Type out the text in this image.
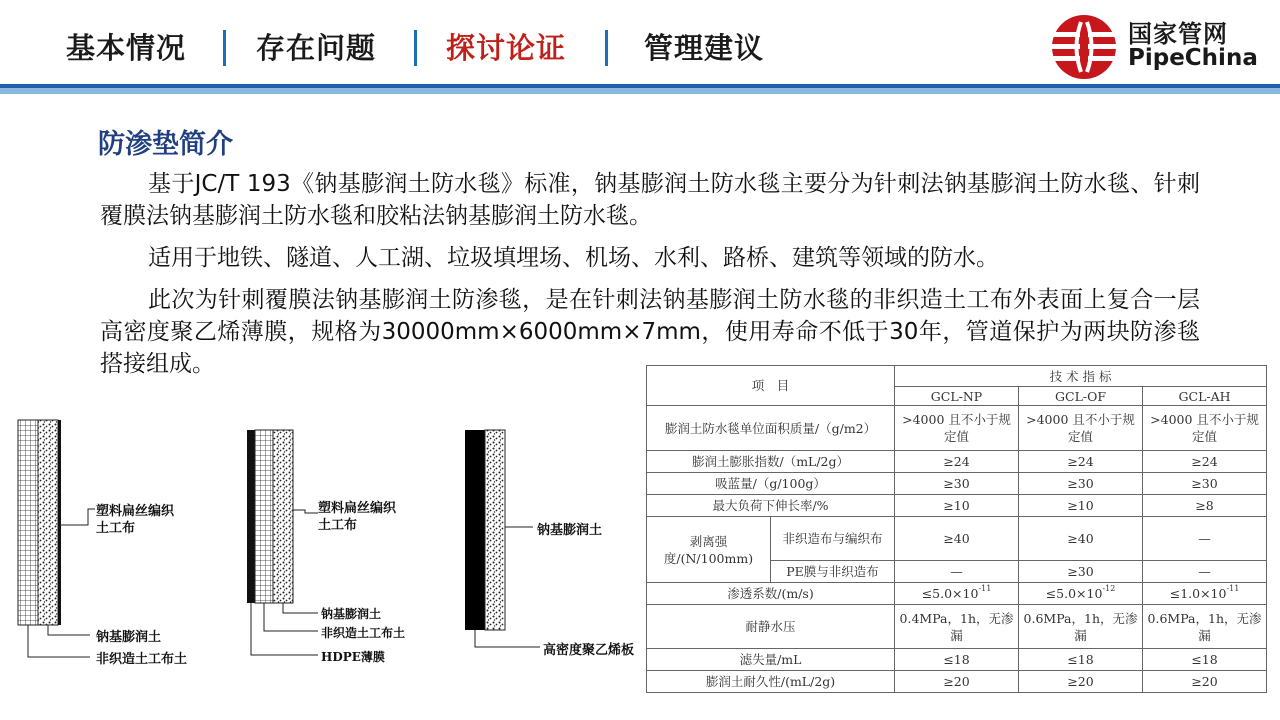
基本情况 存在问题 探讨论证	管理建议	国家管网
PipeChina
防渗垫简介
基于JC/T 193《钠基膨润土防水毯》标准，钠基膨润土防水毯主要分为针刺法钠基膨润土防水毯、针刺覆膜法钠基膨润土防水毯和胶粘法钠基膨润土防水毯。
适用于地铁、隧道、人工湖、垃圾填埋场、机场、水利、路桥、建筑等领域的防水。
此次为针刺覆膜法钠基膨润土防渗毯，是在针刺法钠基膨润土防水毯的非织造土工布外表面上复合一层高密度聚乙烯薄膜，规格为30000mm×6000mm×7mm，使用寿命不低于30年，管道保护为两块防渗毯搭接组成。
塑料扁丝编织土工布
钠基膨润土
非织造土工布土
塑料扁丝编织土工布
钠基膨润土
非织造土工布土
HDPE薄膜
钠基膨润土
高密度聚乙烯板
项　目		技 术 指 标		
		GCL-NP	GCL-OF	GCL-AH
膨润土防水毯单位面积质量/（g/m2）		>4000 且不小于规定值	>4000 且不小于规定值	>4000 且不小于规定值
膨润土膨胀指数/（mL/2g）		≥24	≥24	≥24
吸蓝量/（g/100g）		≥30	≥30	≥30
最大负荷下伸长率/%		≥10	≥10	≥8
剥离强度/(N/100mm)	非织造布与编织布	≥40	≥40	—
	PE膜与非织造布	—	≥30	—
渗透系数/(m/s)		$\le 5.0\times 10^{-11}$	$\le 5.0\times 10^{-12}$	$\le 1.0\times 10^{-11}$
耐静水压		0.4MPa，1h，无渗漏	0.6MPa，1h，无渗漏	0.6MPa，1h，无渗漏
滤失量/mL		≤18	≤18	≤18
膨润土耐久性/(mL/2g)		≥20	≥20	≥20
